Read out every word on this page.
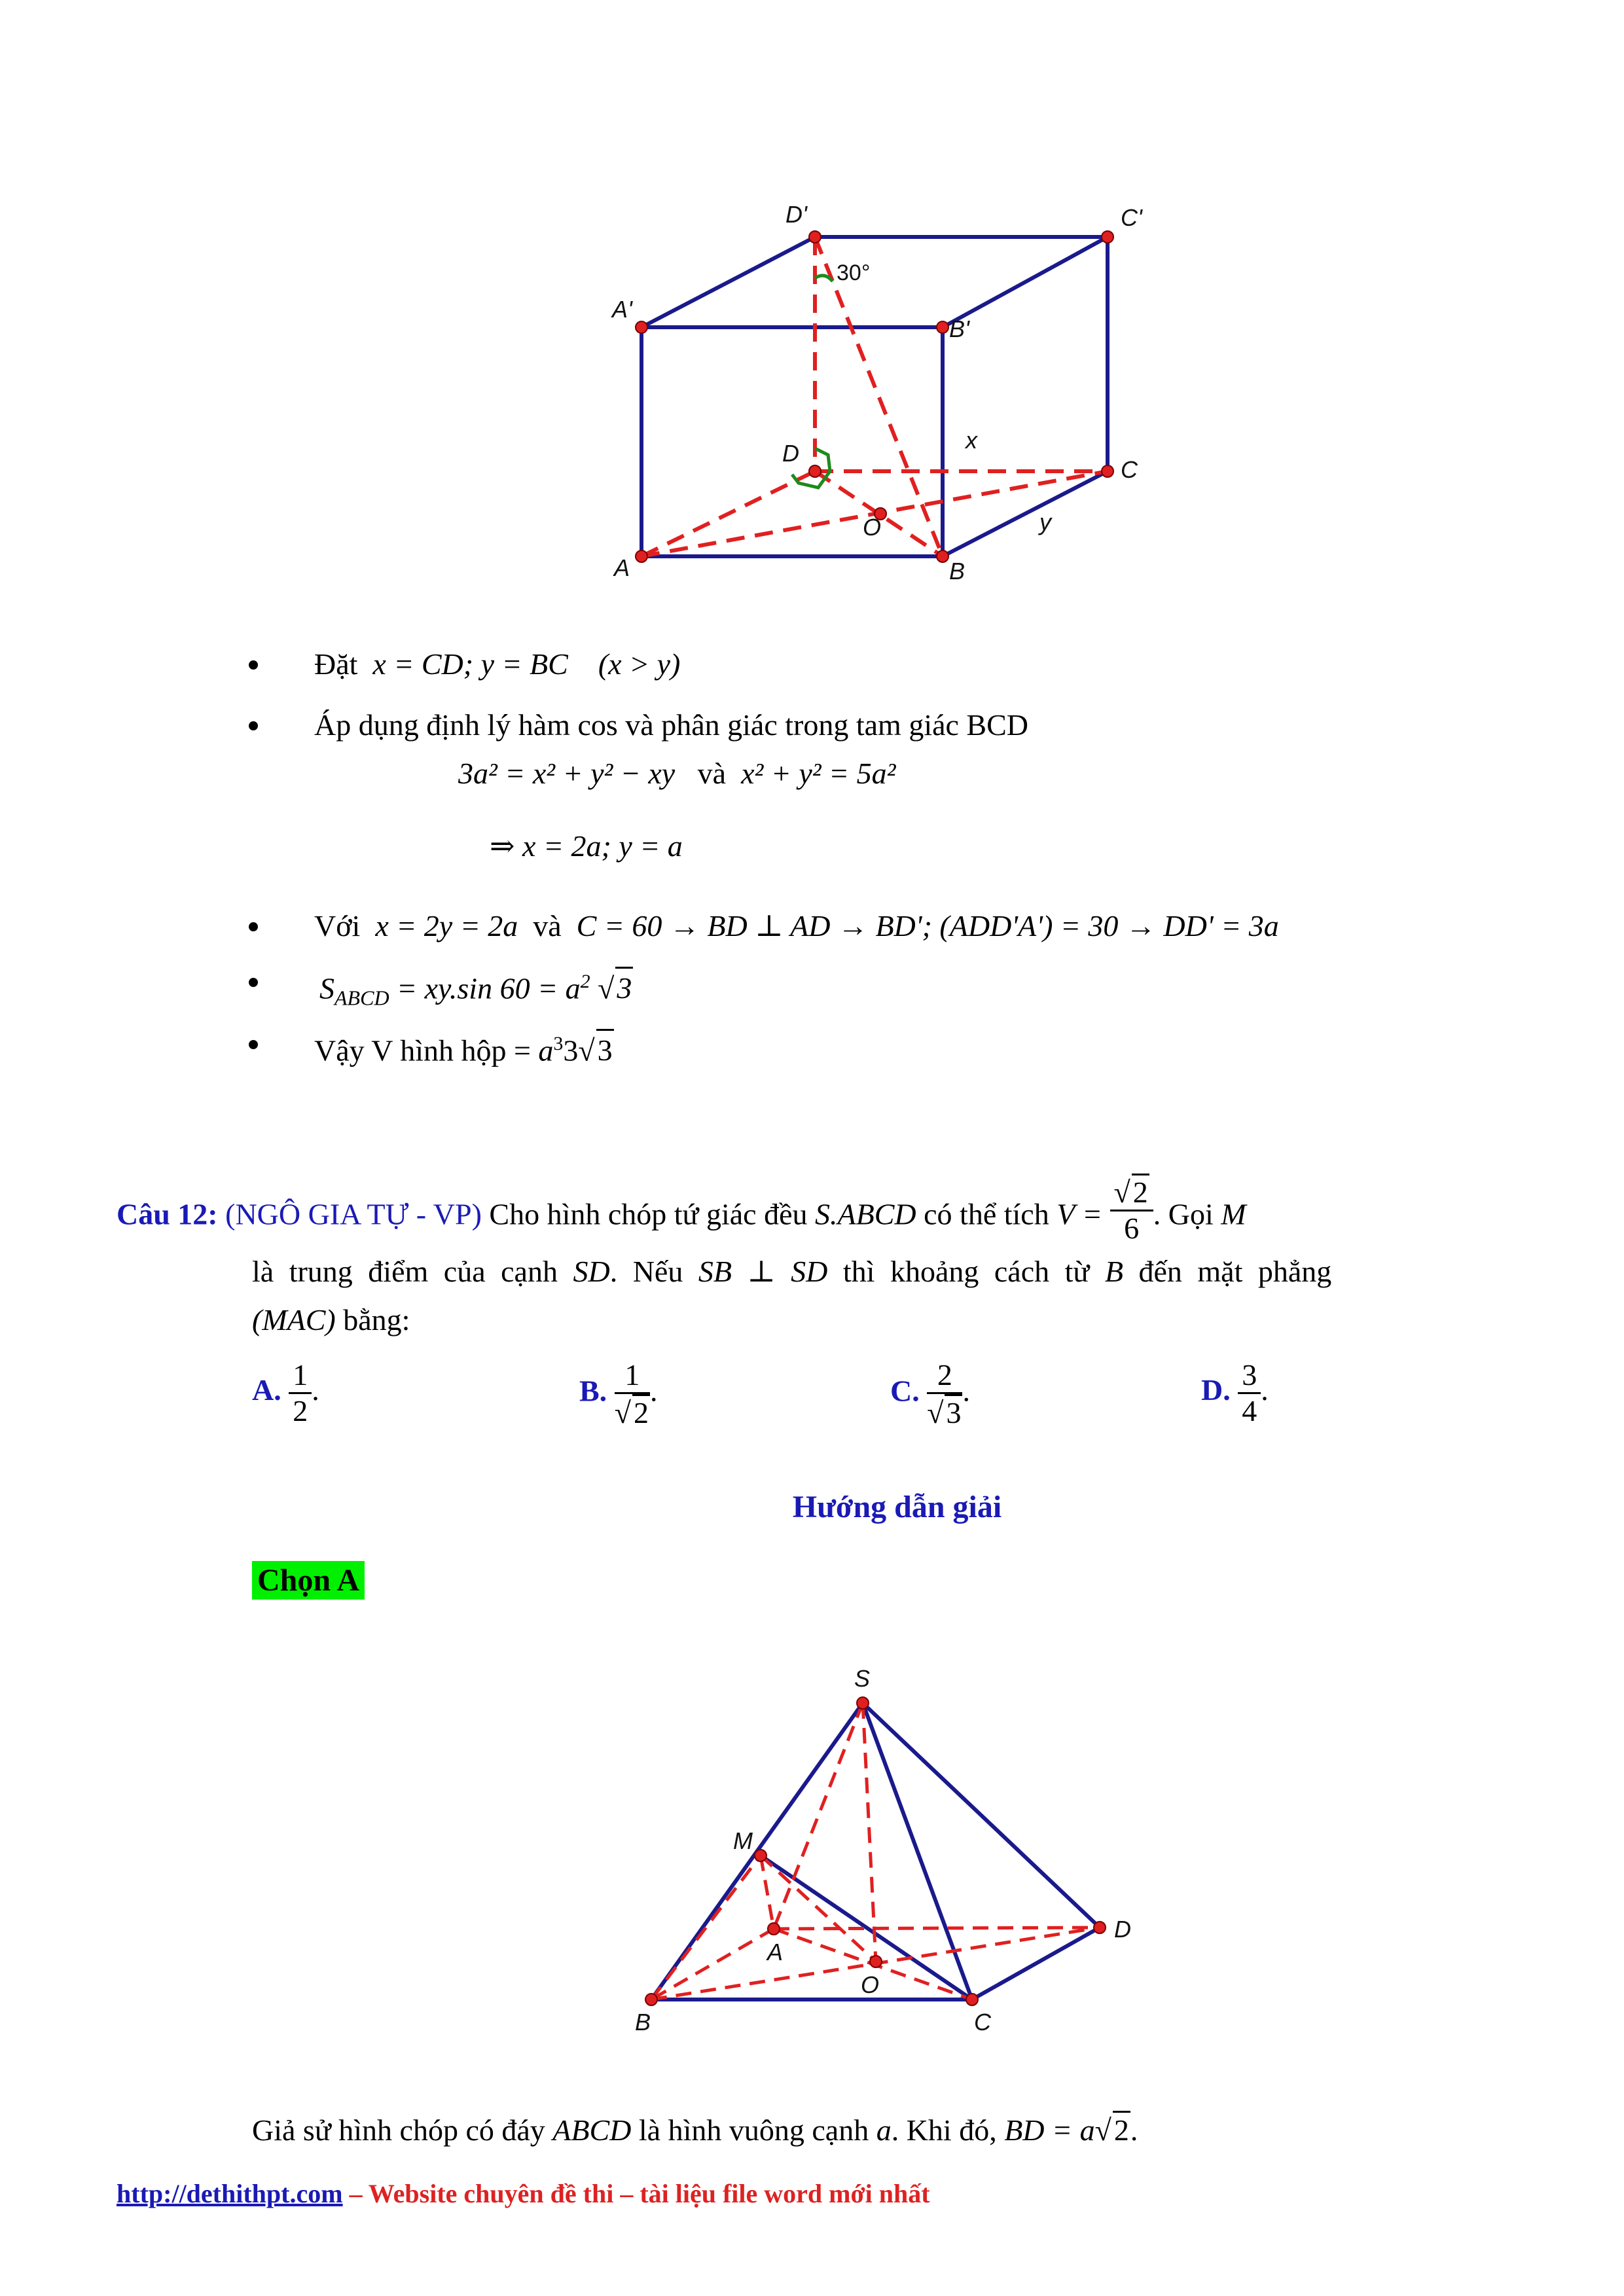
D'	C'
A'
B'
D
C
O
A	B
x
y
30°
Đặt x = CD; y = BC (x > y)
Áp dụng định lý hàm cos và phân giác trong tam giác BCD
3a² = x² + y² − xy và x² + y² = 5a²
⇒ x = 2a; y = a
Với x = 2y = 2a và C = 60 → BD ⊥ AD → BD'; (ADD'A') = 30 → DD' = 3a
$S_{ABCD} = xy.\sin$ $60 = a^2$ √3
Vậy V hình hộp = $a^33√3$
Câu 12: (NGÔ GIA TỰ - VP) Cho hình chóp tứ giác đều S.ABCD có thể tích $V = \frac{√2}{6}$ . Gọi M
là trung điểm của cạnh SD. Nếu SB ⊥ SD thì khoảng cách từ B đến mặt phẳng
(MAC) bằng:
A. $\frac{1}{2}$ .	B. $\frac{1}{√2}$ .	C. $\frac{2}{√3}$ .	D. $\frac{3}{4}$ .
Hướng dẫn giải
Chọn A
S
M
A
D
O
B	C
Giả sử hình chóp có đáy ABCD là hình vuông cạnh a. Khi đó, BD = a√2.
http://dethithpt.com – Website chuyên đề thi – tài liệu file word mới nhất
